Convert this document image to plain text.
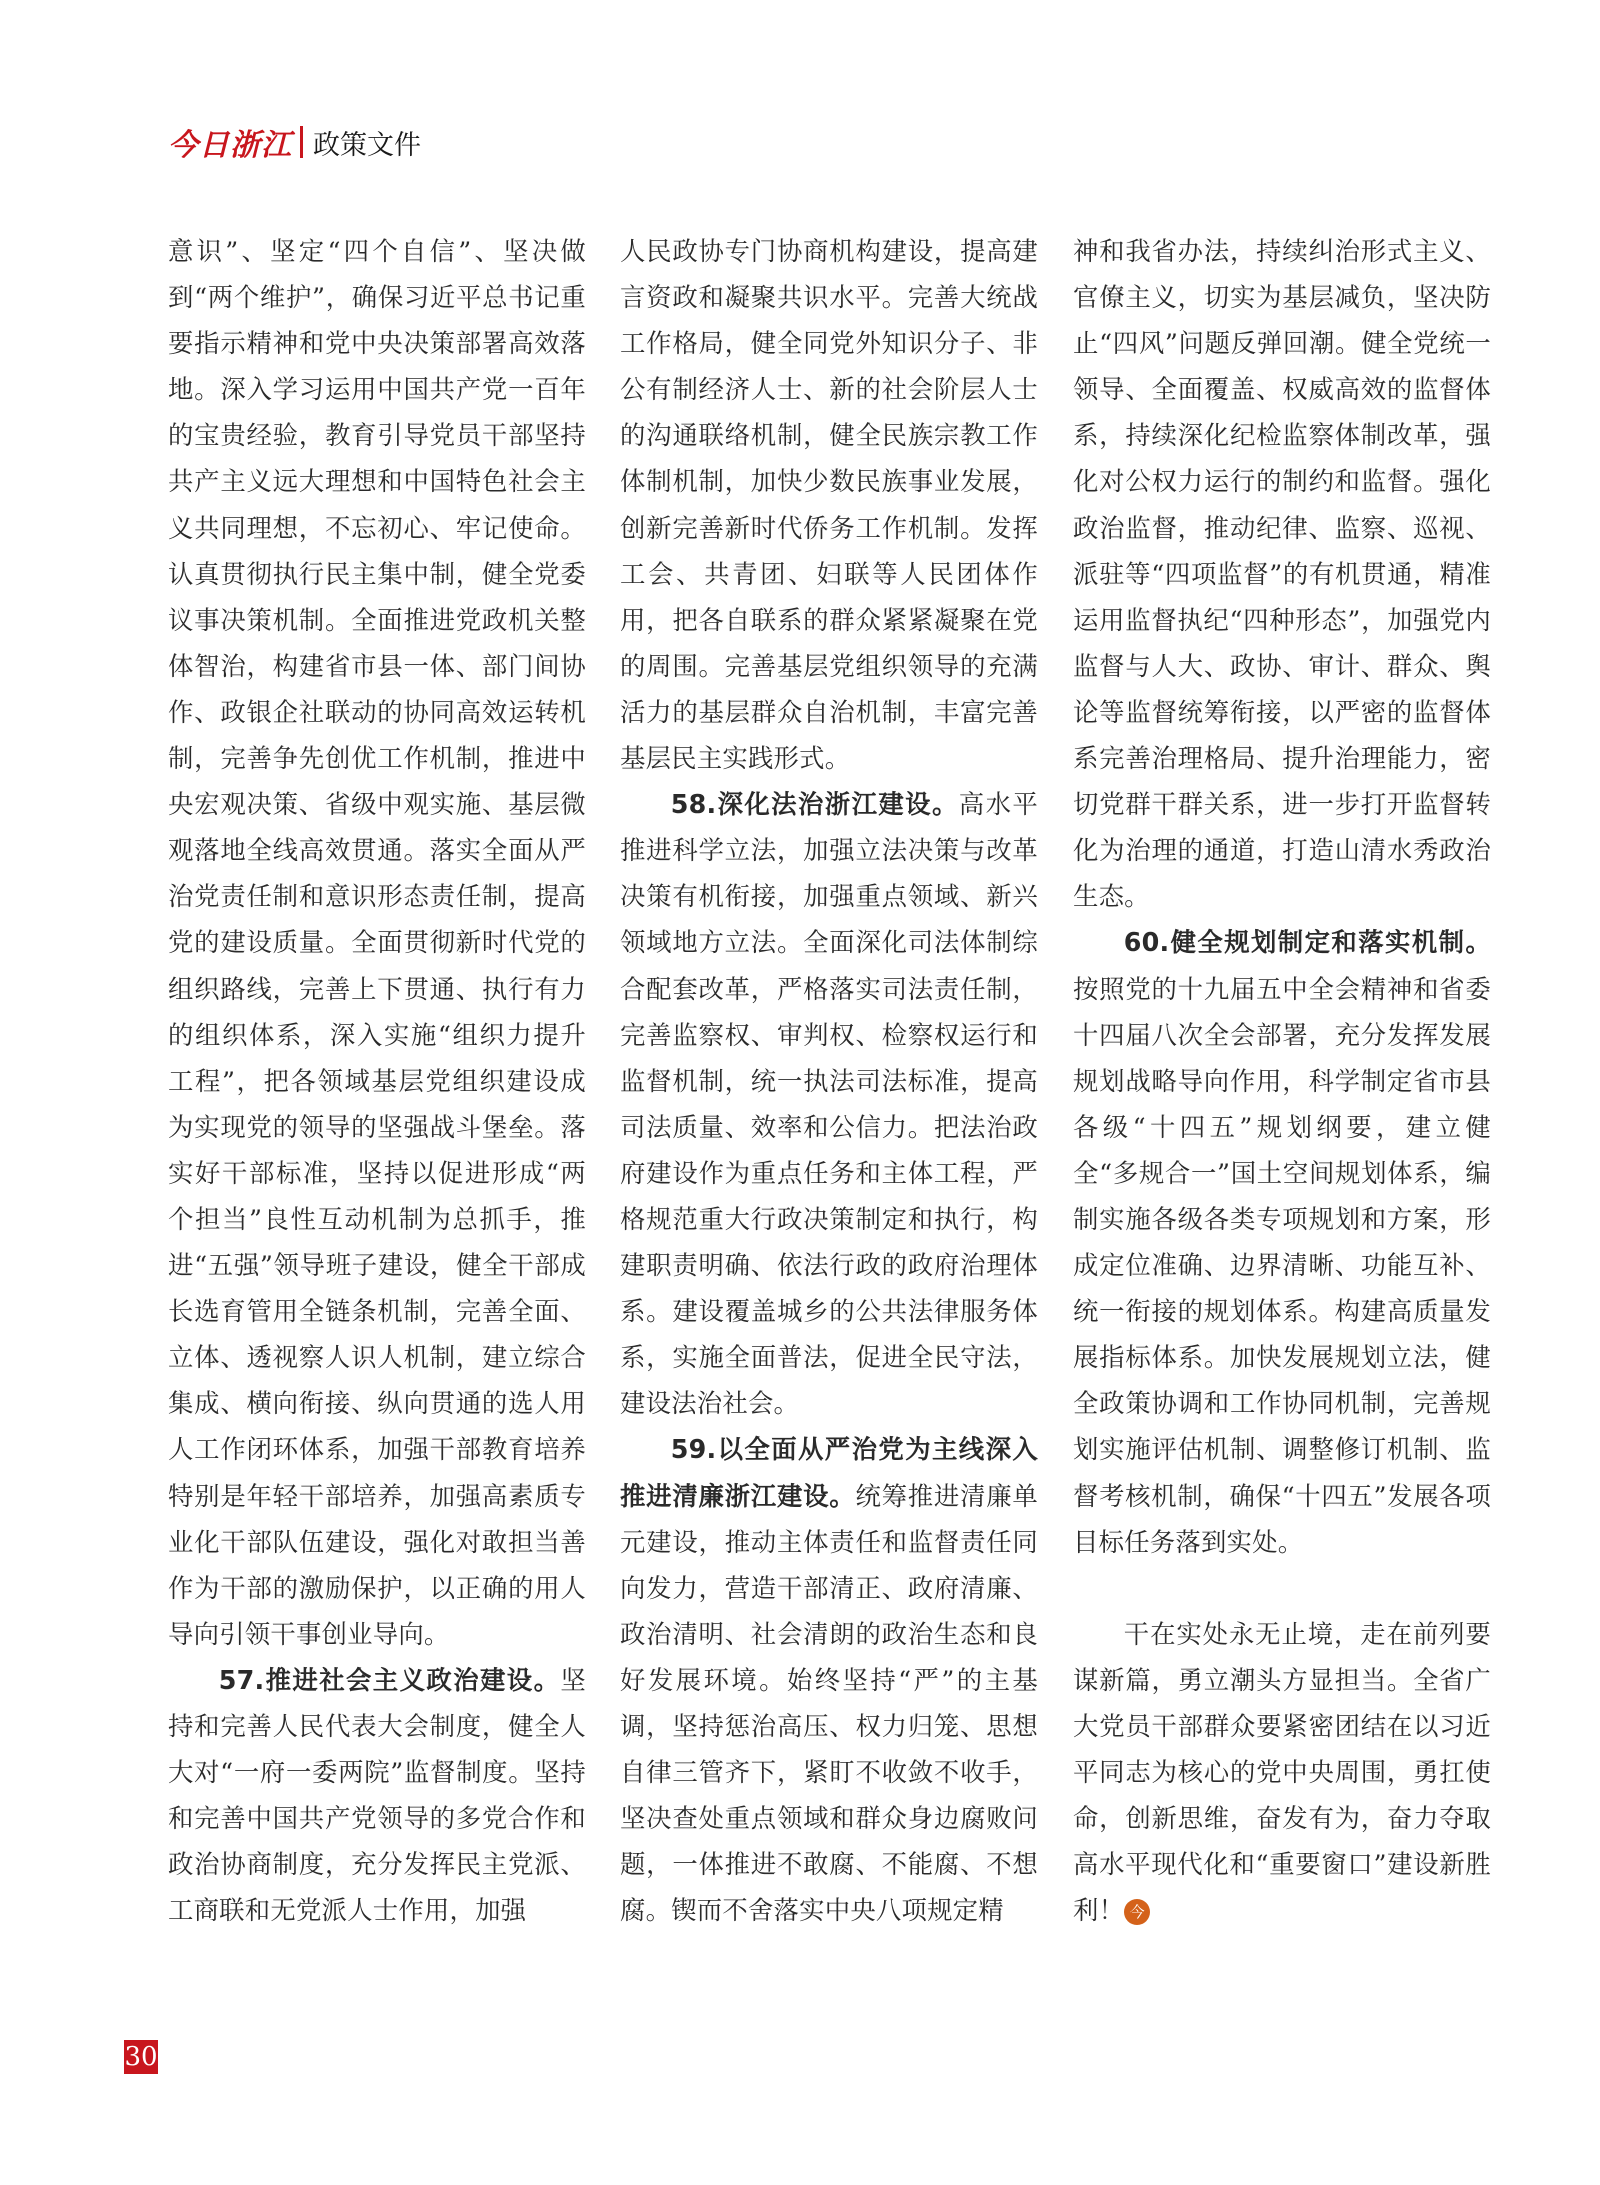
今日浙江 政策文件

意识”、坚定“四个自信”、坚决做到“两个维护”，确保习近平总书记重要指示精神和党中央决策部署高效落地。深入学习运用中国共产党一百年的宝贵经验，教育引导党员干部坚持共产主义远大理想和中国特色社会主义共同理想，不忘初心、牢记使命。认真贯彻执行民主集中制，健全党委议事决策机制。全面推进党政机关整体智治，构建省市县一体、部门间协作、政银企社联动的协同高效运转机制，完善争先创优工作机制，推进中央宏观决策、省级中观实施、基层微观落地全线高效贯通。落实全面从严治党责任制和意识形态责任制，提高党的建设质量。全面贯彻新时代党的组织路线，完善上下贯通、执行有力的组织体系，深入实施“组织力提升工程”，把各领域基层党组织建设成为实现党的领导的坚强战斗堡垒。落实好干部标准，坚持以促进形成“两个担当”良性互动机制为总抓手，推进“五强”领导班子建设，健全干部成长选育管用全链条机制，完善全面、立体、透视察人识人机制，建立综合集成、横向衔接、纵向贯通的选人用人工作闭环体系，加强干部教育培养特别是年轻干部培养，加强高素质专业化干部队伍建设，强化对敢担当善作为干部的激励保护，以正确的用人导向引领干事创业导向。

57.推进社会主义政治建设。坚持和完善人民代表大会制度，健全人大对“一府一委两院”监督制度。坚持和完善中国共产党领导的多党合作和政治协商制度，充分发挥民主党派、工商联和无党派人士作用，加强

人民政协专门协商机构建设，提高建言资政和凝聚共识水平。完善大统战工作格局，健全同党外知识分子、非公有制经济人士、新的社会阶层人士的沟通联络机制，健全民族宗教工作体制机制，加快少数民族事业发展，创新完善新时代侨务工作机制。发挥工会、共青团、妇联等人民团体作用，把各自联系的群众紧紧凝聚在党的周围。完善基层党组织领导的充满活力的基层群众自治机制，丰富完善基层民主实践形式。

58.深化法治浙江建设。高水平推进科学立法，加强立法决策与改革决策有机衔接，加强重点领域、新兴领域地方立法。全面深化司法体制综合配套改革，严格落实司法责任制，完善监察权、审判权、检察权运行和监督机制，统一执法司法标准，提高司法质量、效率和公信力。把法治政府建设作为重点任务和主体工程，严格规范重大行政决策制定和执行，构建职责明确、依法行政的政府治理体系。建设覆盖城乡的公共法律服务体系，实施全面普法，促进全民守法，建设法治社会。

59.以全面从严治党为主线深入推进清廉浙江建设。统筹推进清廉单元建设，推动主体责任和监督责任同向发力，营造干部清正、政府清廉、政治清明、社会清朗的政治生态和良好发展环境。始终坚持“严”的主基调，坚持惩治高压、权力归笼、思想自律三管齐下，紧盯不收敛不收手，坚决查处重点领域和群众身边腐败问题，一体推进不敢腐、不能腐、不想腐。锲而不舍落实中央八项规定精

神和我省办法，持续纠治形式主义、官僚主义，切实为基层减负，坚决防止“四风”问题反弹回潮。健全党统一领导、全面覆盖、权威高效的监督体系，持续深化纪检监察体制改革，强化对公权力运行的制约和监督。强化政治监督，推动纪律、监察、巡视、派驻等“四项监督”的有机贯通，精准运用监督执纪“四种形态”，加强党内监督与人大、政协、审计、群众、舆论等监督统筹衔接，以严密的监督体系完善治理格局、提升治理能力，密切党群干群关系，进一步打开监督转化为治理的通道，打造山清水秀政治生态。

60.健全规划制定和落实机制。按照党的十九届五中全会精神和省委十四届八次全会部署，充分发挥发展规划战略导向作用，科学制定省市县各级“十四五”规划纲要，建立健全“多规合一”国土空间规划体系，编制实施各级各类专项规划和方案，形成定位准确、边界清晰、功能互补、统一衔接的规划体系。构建高质量发展指标体系。加快发展规划立法，健全政策协调和工作协同机制，完善规划实施评估机制、调整修订机制、监督考核机制，确保“十四五”发展各项目标任务落到实处。

干在实处永无止境，走在前列要谋新篇，勇立潮头方显担当。全省广大党员干部群众要紧密团结在以习近平同志为核心的党中央周围，勇扛使命，创新思维，奋发有为，奋力夺取高水平现代化和“重要窗口”建设新胜利！ 今

30
